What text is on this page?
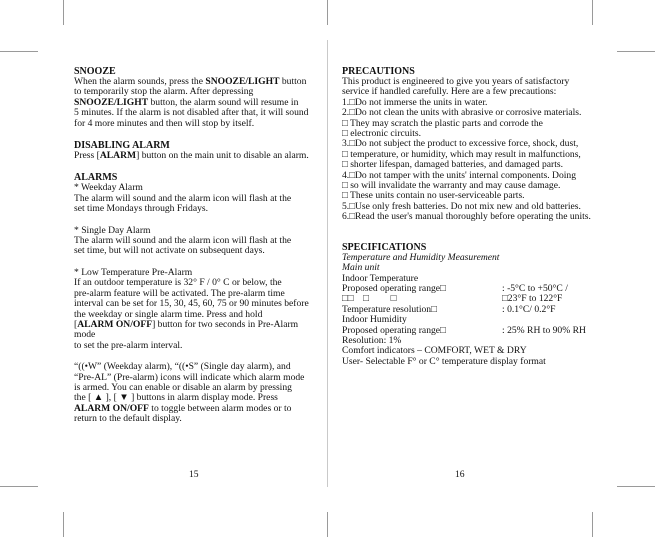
SNOOZE

When the alarm sounds, press the SNOOZE/LIGHT button

to temporarily stop the alarm. After depressing

SNOOZE/LIGHT button, the alarm sound will resume in

5 minutes. If the alarm is not disabled after that, it will sound

for 4 more minutes and then will stop by itself.

DISABLING ALARM

Press [ALARM] button on the main unit to disable an alarm.

ALARMS

* Weekday Alarm

The alarm will sound and the alarm icon will flash at the

set time Mondays through Fridays.

* Single Day Alarm

The alarm will sound and the alarm icon will flash at the

set time, but will not activate on subsequent days.

* Low Temperature Pre-Alarm

If an outdoor temperature is 32° F / 0° C or below, the

pre-alarm feature will be activated. The pre-alarm time

interval can be set for 15, 30, 45, 60, 75 or 90 minutes before

the weekday or single alarm time. Press and hold

[ALARM ON/OFF] button for two seconds in Pre-Alarm mode

to set the pre-alarm interval.

“((•W” (Weekday alarm), “((•S” (Single day alarm), and

“Pre-AL” (Pre-alarm) icons will indicate which alarm mode

is armed. You can enable or disable an alarm by pressing

the [ ▲ ], [ ▼ ] buttons in alarm display mode. Press

ALARM ON/OFF to toggle between alarm modes or to

return to the default display.

15
PRECAUTIONS

This product is engineered to give you years of satisfactory

service if handled carefully. Here are a few precautions:

1.□Do not immerse the units in water.

2.□Do not clean the units with abrasive or corrosive materials.

□ They may scratch the plastic parts and corrode the

□ electronic circuits.

3.□Do not subject the product to excessive force, shock, dust,

□ temperature, or humidity, which may result in malfunctions,

□ shorter lifespan, damaged batteries, and damaged parts.

4.□Do not tamper with the units' internal components. Doing

□ so will invalidate the warranty and may cause damage.

□ These units contain no user-serviceable parts.

5.□Use only fresh batteries. Do not mix new and old batteries.

6.□Read the user's manual thoroughly before operating the units.

SPECIFICATIONS

Temperature and Humidity Measurement

Main unit

Indoor Temperature

Proposed operating range□	: -5°C to +50°C /
□□    □         □	□23°F to 122°F
Temperature resolution□	: 0.1°C/ 0.2°F

Indoor Humidity

Proposed operating range□	: 25% RH to 90% RH

Resolution: 1%

Comfort indicators – COMFORT, WET & DRY

User- Selectable F° or C° temperature display format

16
